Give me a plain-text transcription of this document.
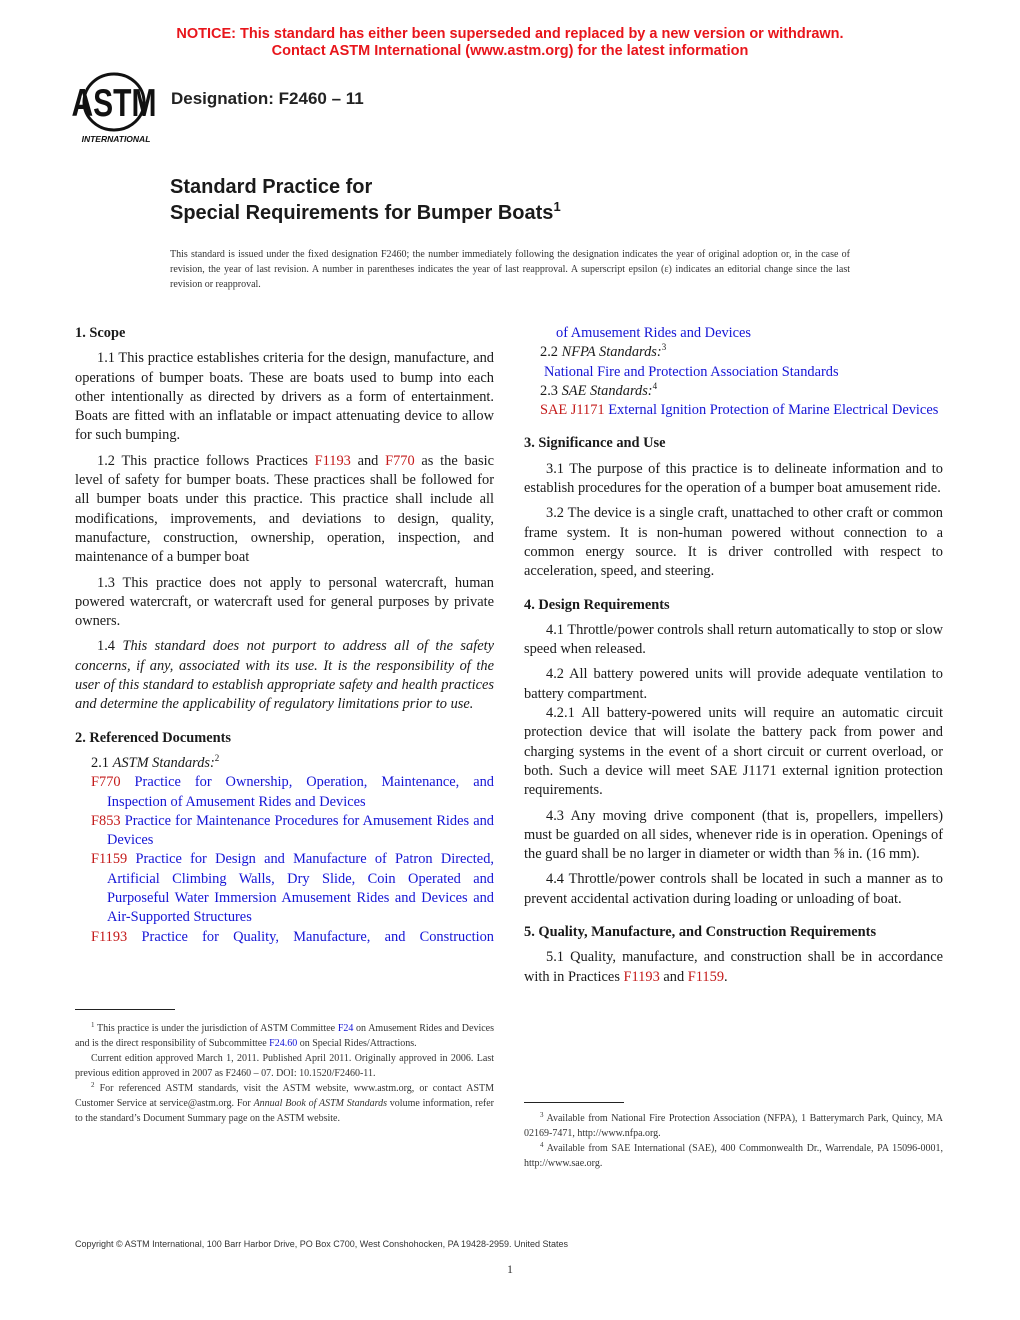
NOTICE: This standard has either been superseded and replaced by a new version or withdrawn.
Contact ASTM International (www.astm.org) for the latest information
ASTM
INTERNATIONAL
Designation: F2460 – 11
Standard Practice for
Special Requirements for Bumper Boats$^1$
This standard is issued under the fixed designation F2460; the number immediately following the designation indicates the year of original adoption or, in the case of revision, the year of last revision. A number in parentheses indicates the year of last reapproval. A superscript epsilon (ε) indicates an editorial change since the last revision or reapproval.
1. Scope
1.1 This practice establishes criteria for the design, manufacture, and operations of bumper boats. These are boats used to bump into each other intentionally as directed by drivers as a form of entertainment. Boats are fitted with an inflatable or impact attenuating device to allow for such bumping.
1.2 This practice follows Practices F1193 and F770 as the basic level of safety for bumper boats. These practices shall be followed for all bumper boats under this practice. This practice shall include all modifications, improvements, and deviations to design, quality, manufacture, construction, ownership, operation, inspection, and maintenance of a bumper boat
1.3 This practice does not apply to personal watercraft, human powered watercraft, or watercraft used for general purposes by private owners.
1.4 This standard does not purport to address all of the safety concerns, if any, associated with its use. It is the responsibility of the user of this standard to establish appropriate safety and health practices and determine the applicability of regulatory limitations prior to use.
2. Referenced Documents
2.1 ASTM Standards:$^2$
F770 Practice for Ownership, Operation, Maintenance, and Inspection of Amusement Rides and Devices
F853 Practice for Maintenance Procedures for Amusement Rides and Devices
F1159 Practice for Design and Manufacture of Patron Directed, Artificial Climbing Walls, Dry Slide, Coin Operated and Purposeful Water Immersion Amusement Rides and Devices and Air-Supported Structures
F1193 Practice for Quality, Manufacture, and Construction
$^1$ This practice is under the jurisdiction of ASTM Committee F24 on Amusement Rides and Devices and is the direct responsibility of Subcommittee F24.60 on Special Rides/Attractions.
Current edition approved March 1, 2011. Published April 2011. Originally approved in 2006. Last previous edition approved in 2007 as F2460 – 07. DOI: 10.1520/F2460-11.
$^2$ For referenced ASTM standards, visit the ASTM website, www.astm.org, or contact ASTM Customer Service at service@astm.org. For Annual Book of ASTM Standards volume information, refer to the standard’s Document Summary page on the ASTM website.
of Amusement Rides and Devices
2.2 NFPA Standards:$^3$
National Fire and Protection Association Standards
2.3 SAE Standards:$^4$
SAE J1171 External Ignition Protection of Marine Electrical Devices
3. Significance and Use
3.1 The purpose of this practice is to delineate information and to establish procedures for the operation of a bumper boat amusement ride.
3.2 The device is a single craft, unattached to other craft or common frame system. It is non-human powered without connection to a common energy source. It is driver controlled with respect to acceleration, speed, and steering.
4. Design Requirements
4.1 Throttle/power controls shall return automatically to stop or slow speed when released.
4.2 All battery powered units will provide adequate ventilation to battery compartment.
4.2.1 All battery-powered units will require an automatic circuit protection device that will isolate the battery pack from power and charging systems in the event of a short circuit or current overload, or both. Such a device will meet SAE J1171 external ignition protection requirements.
4.3 Any moving drive component (that is, propellers, impellers) must be guarded on all sides, whenever ride is in operation. Openings of the guard shall be no larger in diameter or width than ⅝ in. (16 mm).
4.4 Throttle/power controls shall be located in such a manner as to prevent accidental activation during loading or unloading of boat.
5. Quality, Manufacture, and Construction Requirements
5.1 Quality, manufacture, and construction shall be in accordance with in Practices F1193 and F1159.
$^3$ Available from National Fire Protection Association (NFPA), 1 Batterymarch Park, Quincy, MA 02169-7471, http://www.nfpa.org.
$^4$ Available from SAE International (SAE), 400 Commonwealth Dr., Warrendale, PA 15096-0001, http://www.sae.org.
Copyright © ASTM International, 100 Barr Harbor Drive, PO Box C700, West Conshohocken, PA 19428-2959. United States
1
